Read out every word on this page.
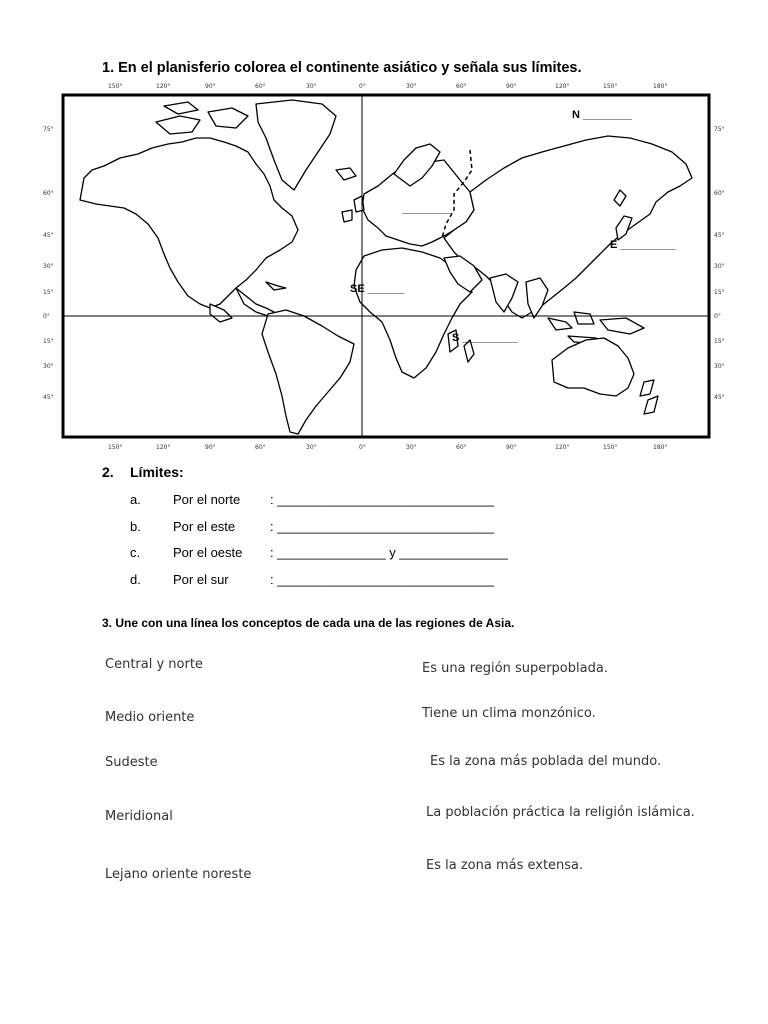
1. En el planisferio colorea el continente asiático y señala sus límites.
150°	120°	90°	60°	30°	0°	30°	60°	90°	120°	150°	180°
150°	120°	90°	60°	30°	0°	30°	60°	90°	120°	150°	180°
75°
60°
45°
30°
15°
0°
15°
30°
45°
N ________
E _________
SE ______
S _________
________
75°
60°
45°
30°
15°
0°
15°
30°
45°
2. Límites:
a. Por el norte : ______________________________
b. Por el este	: ______________________________
c.	Por el oeste : _______________ y _______________
d. Por el sur	: ______________________________
3. Une con una línea los conceptos de cada una de las regiones de Asia.
Central y norte
Medio oriente
Sudeste
Meridional
Lejano oriente noreste
Es una región superpoblada.
Tiene un clima monzónico.
Es la zona más poblada del mundo.
La población práctica la religión islámica.
Es la zona más extensa.
